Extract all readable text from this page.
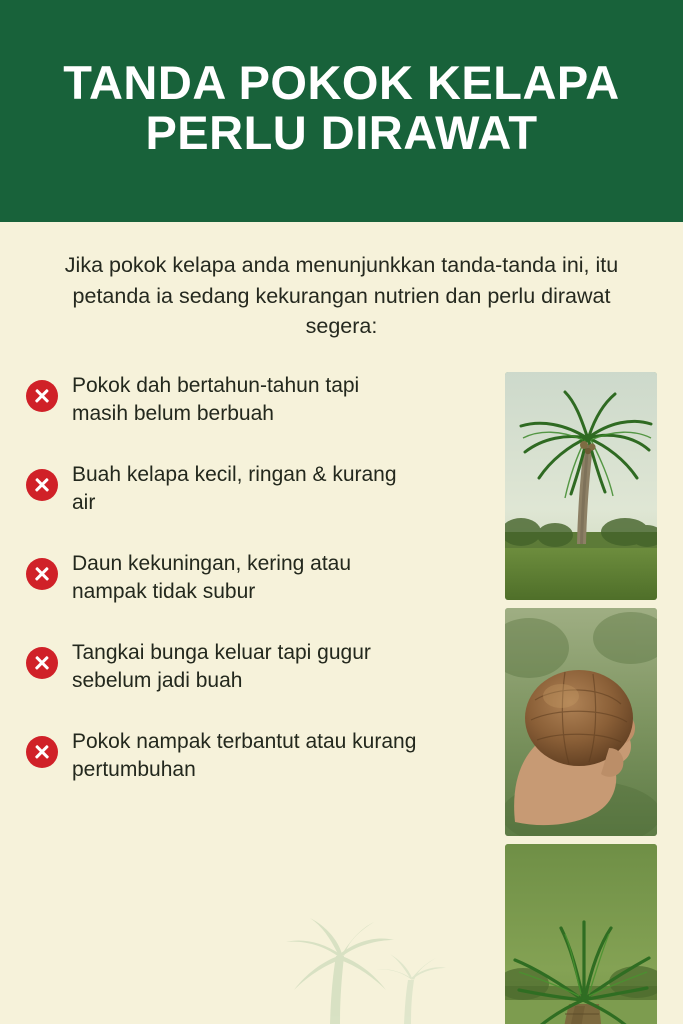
TANDA POKOK KELAPA PERLU DIRAWAT
Jika pokok kelapa anda menunjunkkan tanda-tanda ini, itu petanda ia sedang kekurangan nutrien dan perlu dirawat segera:
Pokok dah bertahun-tahun tapi masih belum berbuah
Buah kelapa kecil, ringan & kurang air
Daun kekuningan, kering atau nampak tidak subur
Tangkai bunga keluar tapi gugur sebelum jadi buah
Pokok nampak terbantut atau kurang pertumbuhan
